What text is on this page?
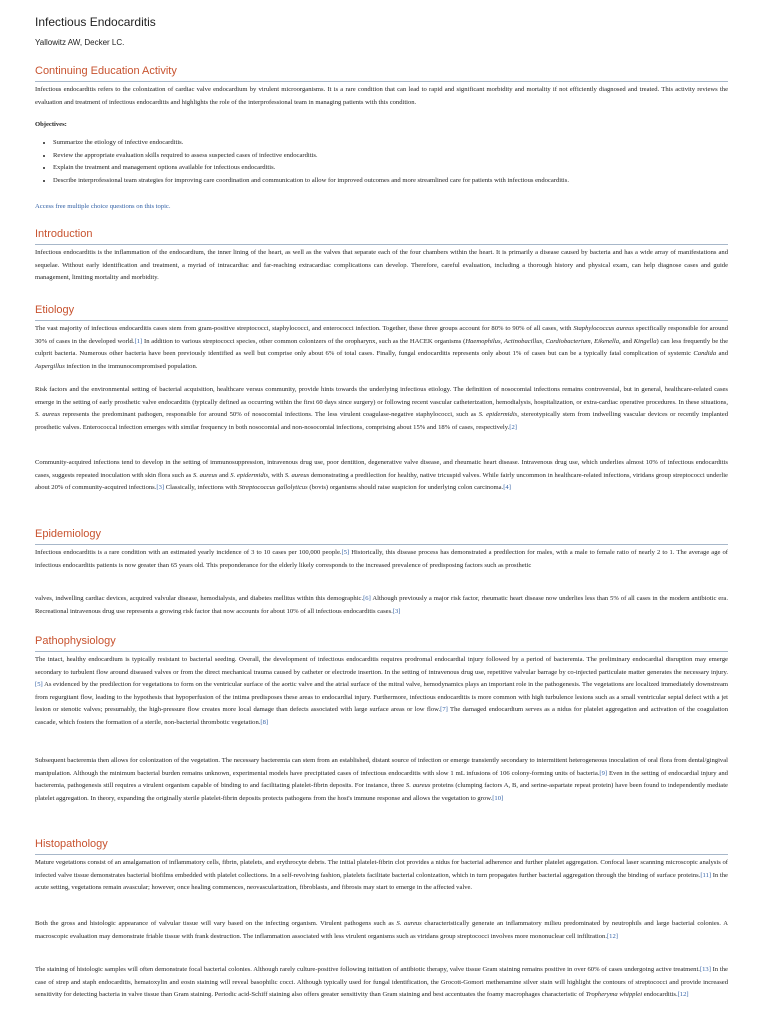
Infectious Endocarditis
Yallowitz AW, Decker LC.
Continuing Education Activity
Infectious endocarditis refers to the colonization of cardiac valve endocardium by virulent microorganisms. It is a rare condition that can lead to rapid and significant morbidity and mortality if not efficiently diagnosed and treated. This activity reviews the evaluation and treatment of infectious endocarditis and highlights the role of the interprofessional team in managing patients with this condition.
Objectives:
• Summarize the etiology of infective endocarditis.
• Review the appropriate evaluation skills required to assess suspected cases of infective endocarditis.
• Explain the treatment and management options available for infectious endocarditis.
• Describe interprofessional team strategies for improving care coordination and communication to allow for improved outcomes and more streamlined care for patients with infectious endocarditis.
Access free multiple choice questions on this topic.
Introduction
Infectious endocarditis is the inflammation of the endocardium, the inner lining of the heart, as well as the valves that separate each of the four chambers within the heart. It is primarily a disease caused by bacteria and has a wide array of manifestations and sequelae. Without early identification and treatment, a myriad of intracardiac and far-reaching extracardiac complications can develop. Therefore, careful evaluation, including a thorough history and physical exam, can help diagnose cases and guide management, limiting mortality and morbidity.
Etiology
The vast majority of infectious endocarditis cases stem from gram-positive streptococci, staphylococci, and enterococci infection. Together, these three groups account for 80% to 90% of all cases, with Staphylococcus aureus specifically responsible for around 30% of cases in the developed world.[1] In addition to various streptococci species, other common colonizers of the oropharynx, such as the HACEK organisms (Haemophilus, Actinobacillus, Cardiobacterium, Eikenella, and Kingella) can less frequently be the culprit bacteria. Numerous other bacteria have been previously identified as well but comprise only about 6% of total cases. Finally, fungal endocarditis represents only about 1% of cases but can be a typically fatal complication of systemic Candida and Aspergillus infection in the immunocompromised population.
Risk factors and the environmental setting of bacterial acquisition, healthcare versus community, provide hints towards the underlying infectious etiology. The definition of nosocomial infections remains controversial, but in general, healthcare-related cases emerge in the setting of early prosthetic valve endocarditis (typically defined as occurring within the first 60 days since surgery) or following recent vascular catheterization, hemodialysis, hospitalization, or extra-cardiac operative procedures. In these situations, S. aureus represents the predominant pathogen, responsible for around 50% of nosocomial infections. The less virulent coagulase-negative staphylococci, such as S. epidermidis, stereotypically stem from indwelling vascular devices or recently implanted prosthetic valves. Enterococcal infection emerges with similar frequency in both nosocomial and non-nosocomial infections, comprising about 15% and 18% of cases, respectively.[2]
Community-acquired infections tend to develop in the setting of immunosuppression, intravenous drug use, poor dentition, degenerative valve disease, and rheumatic heart disease. Intravenous drug use, which underlies almost 10% of infectious endocarditis cases, suggests repeated inoculation with skin flora such as S. aureus and S. epidermidis, with S. aureus demonstrating a predilection for healthy, native tricuspid valves. While fairly uncommon in healthcare-related infections, viridans group streptococci underlie about 20% of community-acquired infections.[3] Classically, infections with Streptococcus gallolyticus (bovis) organisms should raise suspicion for underlying colon carcinoma.[4]
Epidemiology
Infectious endocarditis is a rare condition with an estimated yearly incidence of 3 to 10 cases per 100,000 people.[5] Historically, this disease process has demonstrated a predilection for males, with a male to female ratio of nearly 2 to 1. The average age of infectious endocarditis patients is now greater than 65 years old. This preponderance for the elderly likely corresponds to the increased prevalence of predisposing factors such as prosthetic
valves, indwelling cardiac devices, acquired valvular disease, hemodialysis, and diabetes mellitus within this demographic.[6] Although previously a major risk factor, rheumatic heart disease now underlies less than 5% of all cases in the modern antibiotic era. Recreational intravenous drug use represents a growing risk factor that now accounts for about 10% of all infectious endocarditis cases.[3]
Pathophysiology
The intact, healthy endocardium is typically resistant to bacterial seeding. Overall, the development of infectious endocarditis requires prodromal endocardial injury followed by a period of bacteremia. The preliminary endocardial disruption may emerge secondary to turbulent flow around diseased valves or from the direct mechanical trauma caused by catheter or electrode insertion. In the setting of intravenous drug use, repetitive valvular barrage by co-injected particulate matter generates the necessary injury.[5] As evidenced by the predilection for vegetations to form on the ventricular surface of the aortic valve and the atrial surface of the mitral valve, hemodynamics plays an important role in the pathogenesis. The vegetations are localized immediately downstream from regurgitant flow, leading to the hypothesis that hypoperfusion of the intima predisposes these areas to endocardial injury. Furthermore, infectious endocarditis is more common with high turbulence lesions such as a small ventricular septal defect with a jet lesion or stenotic valves; presumably, the high-pressure flow creates more local damage than defects associated with large surface areas or low flow.[7] The damaged endocardium serves as a nidus for platelet aggregation and activation of the coagulation cascade, which fosters the formation of a sterile, non-bacterial thrombotic vegetation.[8]
Subsequent bacteremia then allows for colonization of the vegetation. The necessary bacteremia can stem from an established, distant source of infection or emerge transiently secondary to intermittent heterogeneous inoculation of oral flora from dental/gingival manipulation. Although the minimum bacterial burden remains unknown, experimental models have precipitated cases of infectious endocarditis with slow 1 mL infusions of 106 colony-forming units of bacteria.[9] Even in the setting of endocardial injury and bacteremia, pathogenesis still requires a virulent organism capable of binding to and facilitating platelet-fibrin deposits. For instance, three S. aureus proteins (clumping factors A, B, and serine-aspartate repeat protein) have been found to independently mediate platelet aggregation. In theory, expanding the originally sterile platelet-fibrin deposits protects pathogens from the host's immune response and allows the vegetation to grow.[10]
Histopathology
Mature vegetations consist of an amalgamation of inflammatory cells, fibrin, platelets, and erythrocyte debris. The initial platelet-fibrin clot provides a nidus for bacterial adherence and further platelet aggregation. Confocal laser scanning microscopic analysis of infected valve tissue demonstrates bacterial biofilms embedded with platelet collections. In a self-revolving fashion, platelets facilitate bacterial colonization, which in turn propagates further bacterial aggregation through the binding of surface proteins.[11] In the acute setting, vegetations remain avascular; however, once healing commences, neovascularization, fibroblasts, and fibrosis may start to emerge in the affected valve.
Both the gross and histologic appearance of valvular tissue will vary based on the infecting organism. Virulent pathogens such as S. aureus characteristically generate an inflammatory milieu predominated by neutrophils and large bacterial colonies. A macroscopic evaluation may demonstrate friable tissue with frank destruction. The inflammation associated with less virulent organisms such as viridans group streptococci involves more mononuclear cell infiltration.[12]
The staining of histologic samples will often demonstrate focal bacterial colonies. Although rarely culture-positive following initiation of antibiotic therapy, valve tissue Gram staining remains positive in over 60% of cases undergoing active treatment.[13] In the case of strep and staph endocarditis, hematoxylin and eosin staining will reveal basophilic cocci. Although typically used for fungal identification, the Grocott-Gomori methenamine silver stain will highlight the contours of streptococci and provide increased sensitivity for detecting bacteria in valve tissue than Gram staining. Periodic acid-Schiff staining also offers greater sensitivity than Gram staining and best accentuates the foamy macrophages characteristic of Tropheryma whipplei endocarditis.[12]
